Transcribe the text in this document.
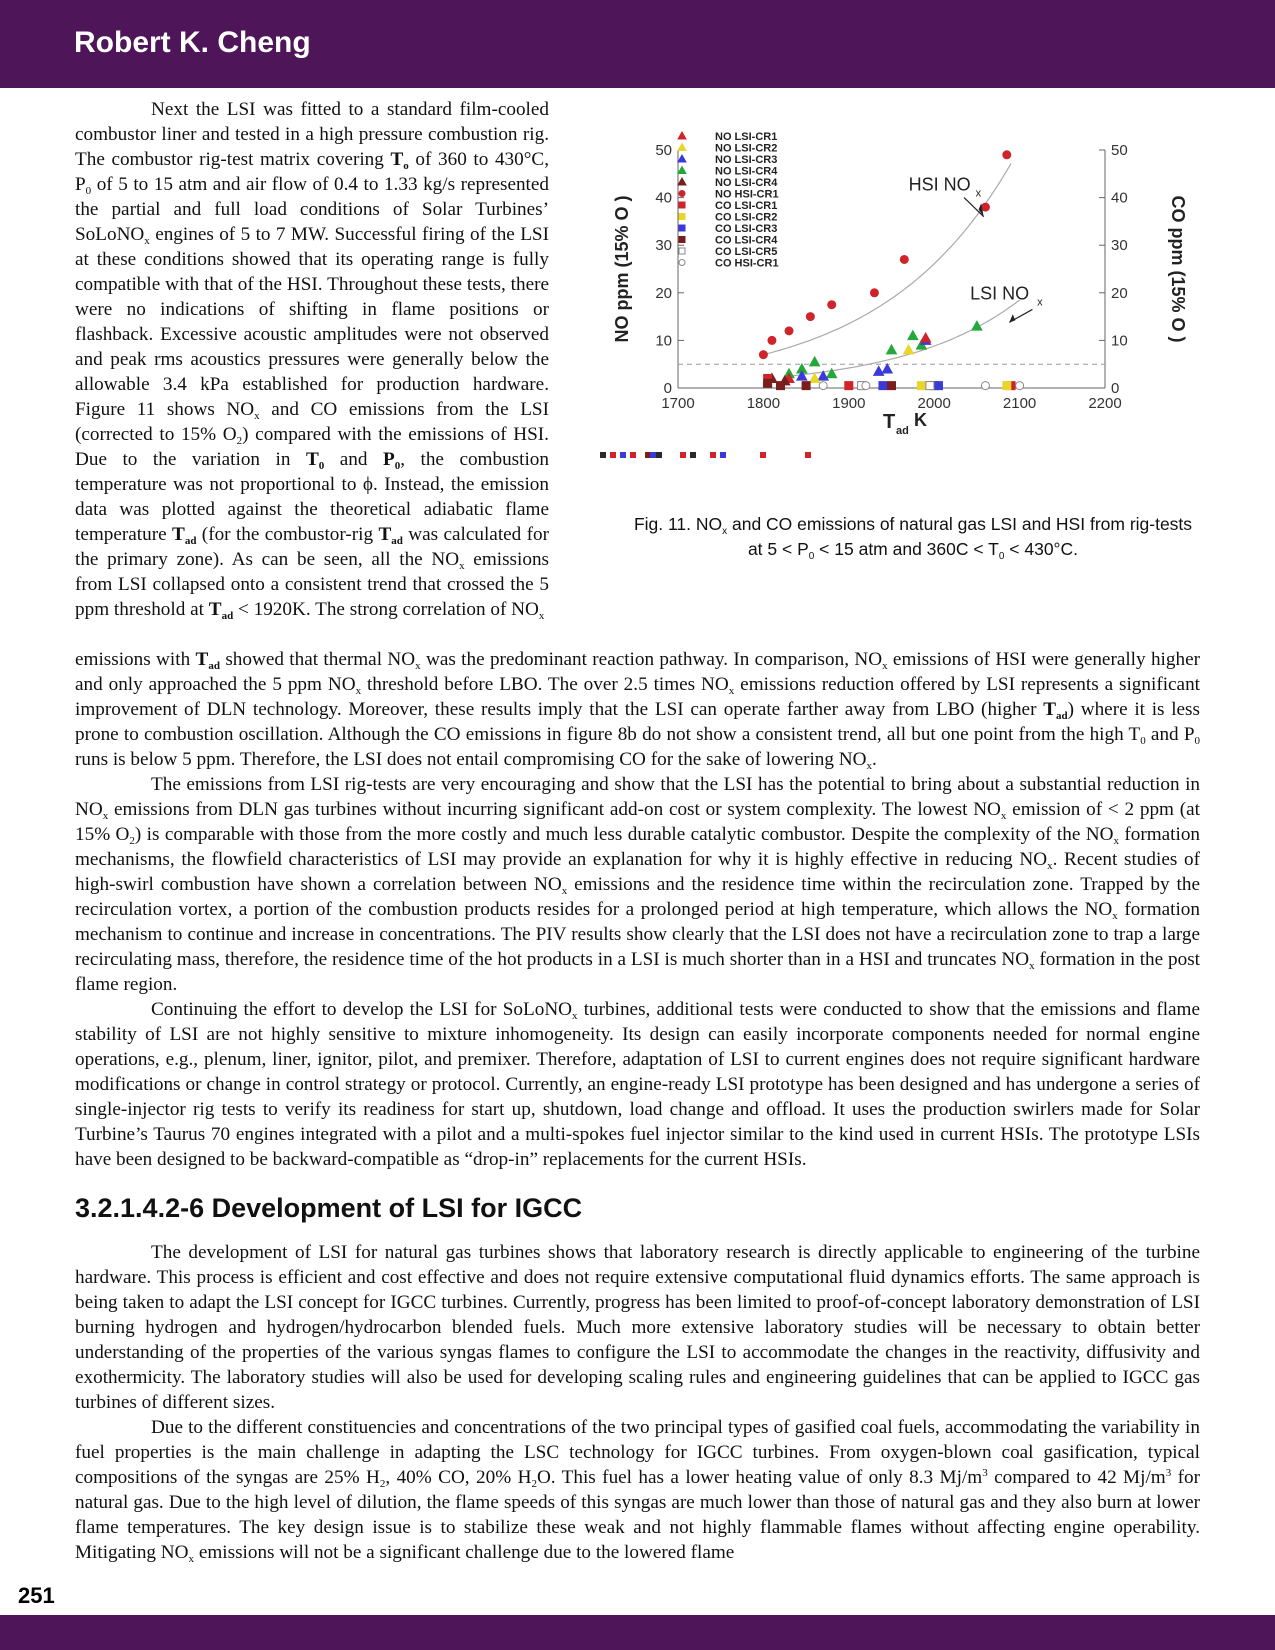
Robert K. Cheng

Next the LSI was fitted to a standard film-cooled combustor liner and tested in a high pressure combustion rig. The combustor rig-test matrix covering $T_o$ of 360 to 430°C, $P_0$ of 5 to 15 atm and air flow of 0.4 to 1.33 kg/s represented the partial and full load conditions of Solar Turbines’ SoLoNO$_x$ engines of 5 to 7 MW. Successful firing of the LSI at these conditions showed that its operating range is fully compatible with that of the HSI. Throughout these tests, there were no indications of shifting in flame positions or flashback. Excessive acoustic amplitudes were not observed and peak rms acoustics pressures were generally below the allowable 3.4 kPa established for production hardware. Figure 11 shows $NO_x$ and CO emissions from the LSI (corrected to 15% $O_2$) compared with the emissions of HSI. Due to the variation in $T_0$ and $P_0$, the combustion temperature was not proportional to ϕ. Instead, the emission data was plotted against the theoretical adiabatic flame temperature $T_{ad}$ (for the combustor-rig $T_{ad}$ was calculated for the primary zone). As can be seen, all the $NO_x$ emissions from LSI collapsed onto a consistent trend that crossed the 5 ppm threshold at $T_{ad} < 1920K$. The strong correlation of $NO_x$

1700	1800	1900	2000	2100	2200
0	0
10	10
20	20
30	30
40	40
50	50
NO LSI-CR1
NO LSI-CR2
NO LSI-CR3
NO LSI-CR4
NO LSI-CR4
NO HSI-CR1
CO LSI-CR1
CO LSI-CR2
CO LSI-CR3
CO LSI-CR4
CO LSI-CR5
CO HSI-CR1
HSI NO x
LSI NO x
T ad
K
NO ppm (15% O )	CO ppm (15% O )
Fig. 11. $NO_x$ and CO emissions of natural gas LSI and HSI from rig-tests at $5 < P_0 < 15$ atm and $360C < T_0 < 430^\circ C$.

emissions with $T_{ad}$ showed that thermal $NO_x$ was the predominant reaction pathway. In comparison, $NO_x$ emissions of HSI were generally higher and only approached the 5 ppm $NO_x$ threshold before LBO. The over 2.5 times $NO_x$ emissions reduction offered by LSI represents a significant improvement of DLN technology. Moreover, these results imply that the LSI can operate farther away from LBO (higher $T_{ad}$) where it is less prone to combustion oscillation. Although the CO emissions in figure 8b do not show a consistent trend, all but one point from the high $T_0$ and $P_0$ runs is below 5 ppm. Therefore, the LSI does not entail compromising CO for the sake of lowering $NO_x$.

The emissions from LSI rig-tests are very encouraging and show that the LSI has the potential to bring about a substantial reduction in $NO_x$ emissions from DLN gas turbines without incurring significant add-on cost or system complexity. The lowest $NO_x$ emission of < 2 ppm (at 15% $O_2$) is comparable with those from the more costly and much less durable catalytic combustor. Despite the complexity of the $NO_x$ formation mechanisms, the flowfield characteristics of LSI may provide an explanation for why it is highly effective in reducing $NO_x$. Recent studies of high-swirl combustion have shown a correlation between $NO_x$ emissions and the residence time within the recirculation zone. Trapped by the recirculation vortex, a portion of the combustion products resides for a prolonged period at high temperature, which allows the $NO_x$ formation mechanism to continue and increase in concentrations. The PIV results show clearly that the LSI does not have a recirculation zone to trap a large recirculating mass, therefore, the residence time of the hot products in a LSI is much shorter than in a HSI and truncates $NO_x$ formation in the post flame region.

Continuing the effort to develop the LSI for SoLoNO$_x$ turbines, additional tests were conducted to show that the emissions and flame stability of LSI are not highly sensitive to mixture inhomogeneity. Its design can easily incorporate components needed for normal engine operations, e.g., plenum, liner, ignitor, pilot, and premixer. Therefore, adaptation of LSI to current engines does not require significant hardware modifications or change in control strategy or protocol. Currently, an engine-ready LSI prototype has been designed and has undergone a series of single-injector rig tests to verify its readiness for start up, shutdown, load change and offload. It uses the production swirlers made for Solar Turbine’s Taurus 70 engines integrated with a pilot and a multi-spokes fuel injector similar to the kind used in current HSIs. The prototype LSIs have been designed to be backward-compatible as “drop-in” replacements for the current HSIs.

3.2.1.4.2-6 Development of LSI for IGCC

The development of LSI for natural gas turbines shows that laboratory research is directly applicable to engineering of the turbine hardware. This process is efficient and cost effective and does not require extensive computational fluid dynamics efforts. The same approach is being taken to adapt the LSI concept for IGCC turbines. Currently, progress has been limited to proof-of-concept laboratory demonstration of LSI burning hydrogen and hydrogen/hydrocarbon blended fuels. Much more extensive laboratory studies will be necessary to obtain better understanding of the properties of the various syngas flames to configure the LSI to accommodate the changes in the reactivity, diffusivity and exothermicity. The laboratory studies will also be used for developing scaling rules and engineering guidelines that can be applied to IGCC gas turbines of different sizes.

Due to the different constituencies and concentrations of the two principal types of gasified coal fuels, accommodating the variability in fuel properties is the main challenge in adapting the LSC technology for IGCC turbines. From oxygen-blown coal gasification, typical compositions of the syngas are 25% $H_2$, 40% CO, 20% $H_2O$. This fuel has a lower heating value of only 8.3 $Mj/m^3$ compared to 42 $Mj/m^3$ for natural gas. Due to the high level of dilution, the flame speeds of this syngas are much lower than those of natural gas and they also burn at lower flame temperatures. The key design issue is to stabilize these weak and not highly flammable flames without affecting engine operability. Mitigating $NO_x$ emissions will not be a significant challenge due to the lowered flame

251
